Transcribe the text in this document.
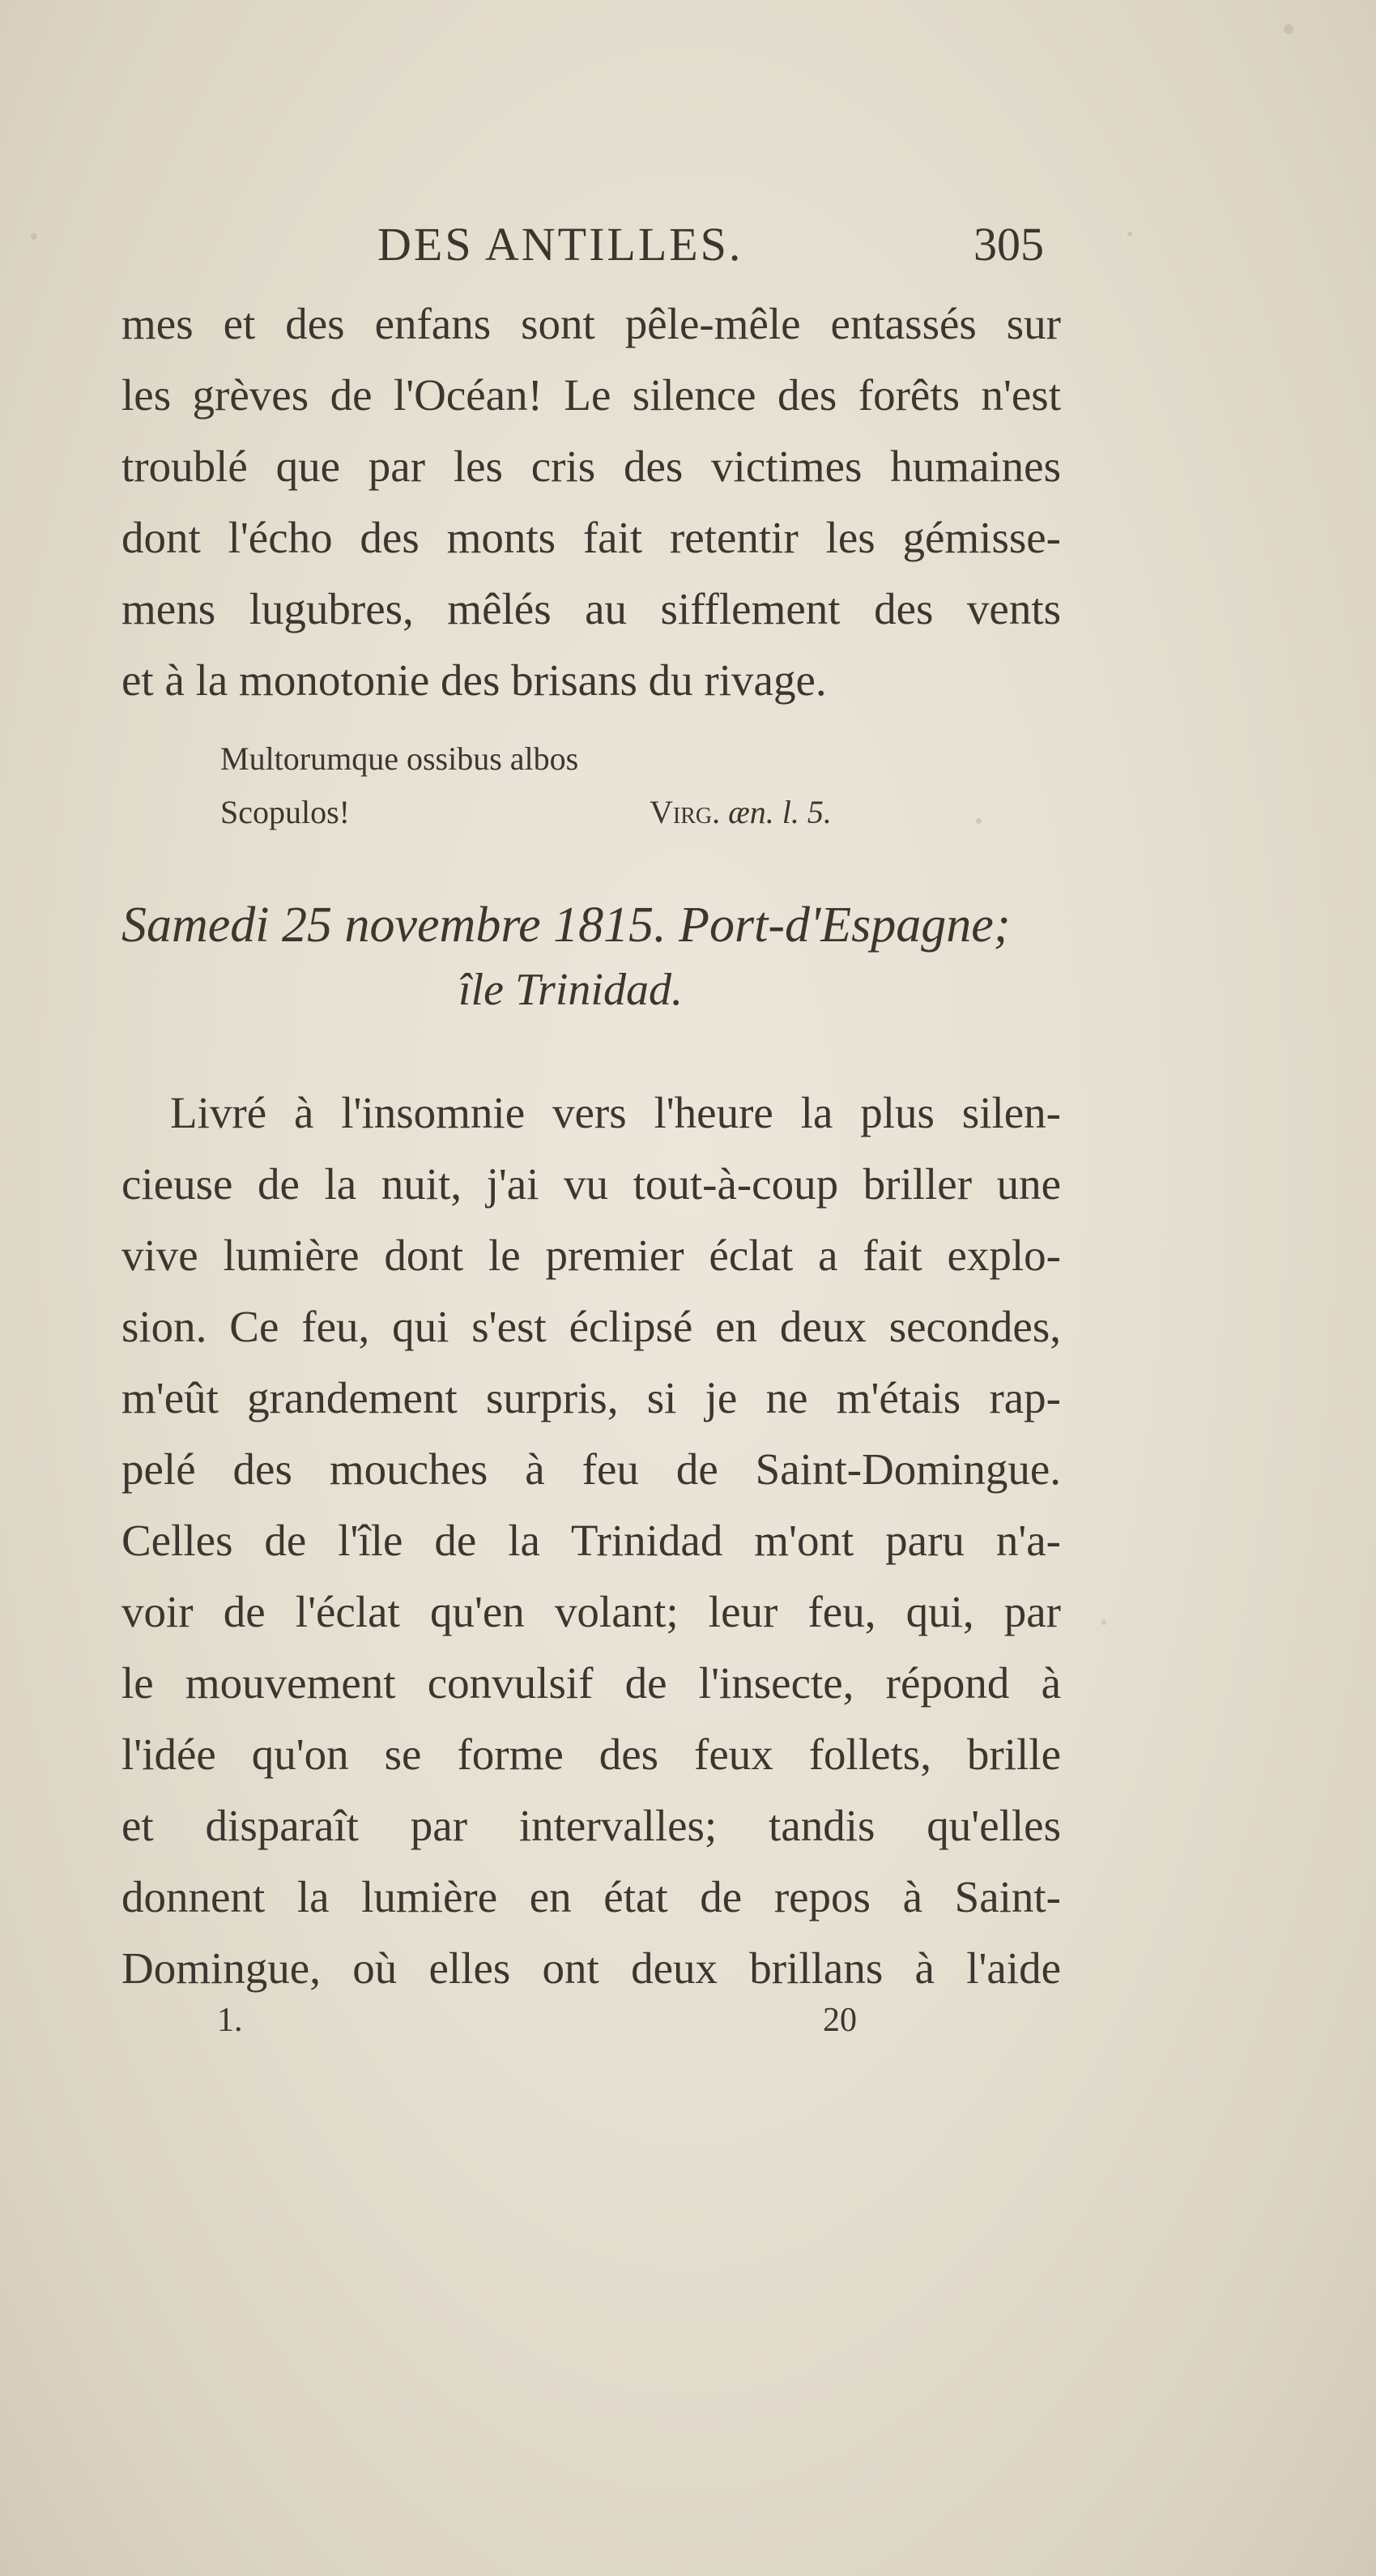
DES ANTILLES.	305
mes et des enfans sont pêle-mêle entassés sur
les grèves de l'Océan! Le silence des forêts n'est
troublé que par les cris des victimes humaines
dont l'écho des monts fait retentir les gémisse-
mens lugubres, mêlés au sifflement des vents
et à la monotonie des brisans du rivage.
Multorumque ossibus albos
Scopulos!	Virg. æn. l. 5.
Samedi 25 novembre 1815. Port-d'Espagne;
île Trinidad.
Livré à l'insomnie vers l'heure la plus silen-
cieuse de la nuit, j'ai vu tout-à-coup briller une
vive lumière dont le premier éclat a fait explo-
sion. Ce feu, qui s'est éclipsé en deux secondes,
m'eût grandement surpris, si je ne m'étais rap-
pelé des mouches à feu de Saint-Domingue.
Celles de l'île de la Trinidad m'ont paru n'a-
voir de l'éclat qu'en volant; leur feu, qui, par
le mouvement convulsif de l'insecte, répond à
l'idée qu'on se forme des feux follets, brille
et disparaît par intervalles; tandis qu'elles
donnent la lumière en état de repos à Saint-
Domingue, où elles ont deux brillans à l'aide
1.	20
